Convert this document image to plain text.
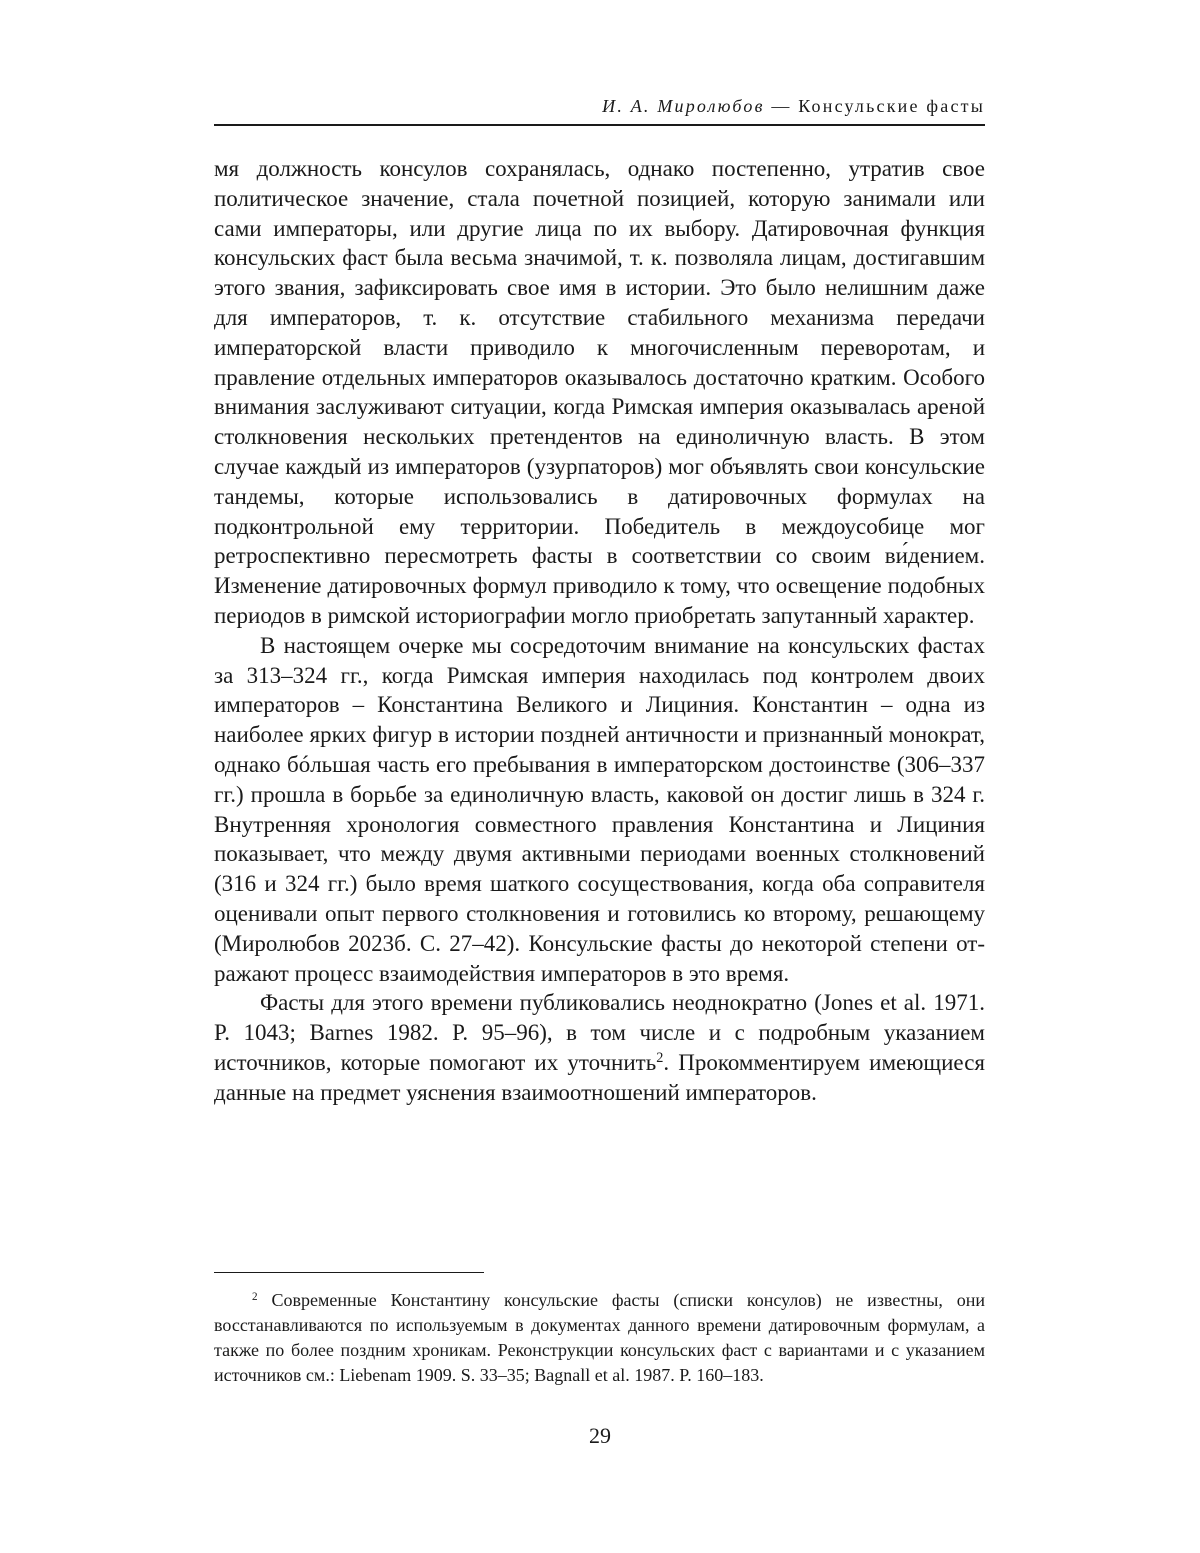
И. А. Миролюбов — Консульские фасты

мя должность консулов сохранялась, однако постепенно, утратив свое политическое значение, стала почетной позицией, которую занимали или сами императоры, или другие лица по их выбору. Датировочная функция консульских фаст была весьма значимой, т. к. позволяла лицам, достигавшим этого звания, зафиксировать свое имя в истории. Это было нелишним даже для императоров, т. к. отсутствие стабильного меха­низма передачи императорской власти приводило к многочисленным переворотам, и правление отдельных императоров оказывалось доста­точно кратким. Особого внимания заслуживают ситуации, когда Рим­ская империя оказывалась ареной столкновения нескольких претенден­тов на единоличную власть. В этом случае каждый из императоров (узурпаторов) мог объявлять свои консульские тандемы, которые ис­пользовались в датировочных формулах на подконтрольной ему терри­тории. Победитель в междоусобице мог ретроспективно пересмотреть фасты в соответствии со своим ви́дением. Изменение датировочных формул приводило к тому, что освещение подобных периодов в римской историографии могло приобретать запутанный характер.

В настоящем очерке мы сосредоточим внимание на консульских фастах за 313–324 гг., когда Римская империя находилась под контролем двоих императоров – Константина Великого и Лициния. Константин – одна из наиболее ярких фигур в истории поздней античности и при­знанный монократ, однако бóльшая часть его пребывания в импера­торском достоинстве (306–337 гг.) прошла в борьбе за единоличную власть, каковой он достиг лишь в 324 г. Внутренняя хронология сов­местного правления Константина и Лициния показывает, что между двумя активными периодами военных столкновений (316 и 324 гг.) было время шаткого сосуществования, когда оба соправителя оценивали опыт первого столкновения и готовились ко второму, решающему (Ми­ролюбов 2023б. С. 27–42). Консульские фасты до некоторой степени от­ражают процесс взаимодействия императоров в это время.

Фасты для этого времени публиковались неоднократно (Jones et al. 1971. P. 1043; Barnes 1982. P. 95–96), в том числе и с подробным указанием источников, которые помогают их уточнить2. Прокомментируем имею­щиеся данные на предмет уяснения взаимоотношений императоров.

2 Современные Константину консульские фасты (списки консулов) не известны, они восстанавливаются по используемым в документах данного времени датировочным формулам, а также по более поздним хроникам. Реконструкции консульских фаст с вари­антами и с указанием источников см.: Liebenam 1909. S. 33–35; Bagnall et al. 1987. P. 160–183.
29
